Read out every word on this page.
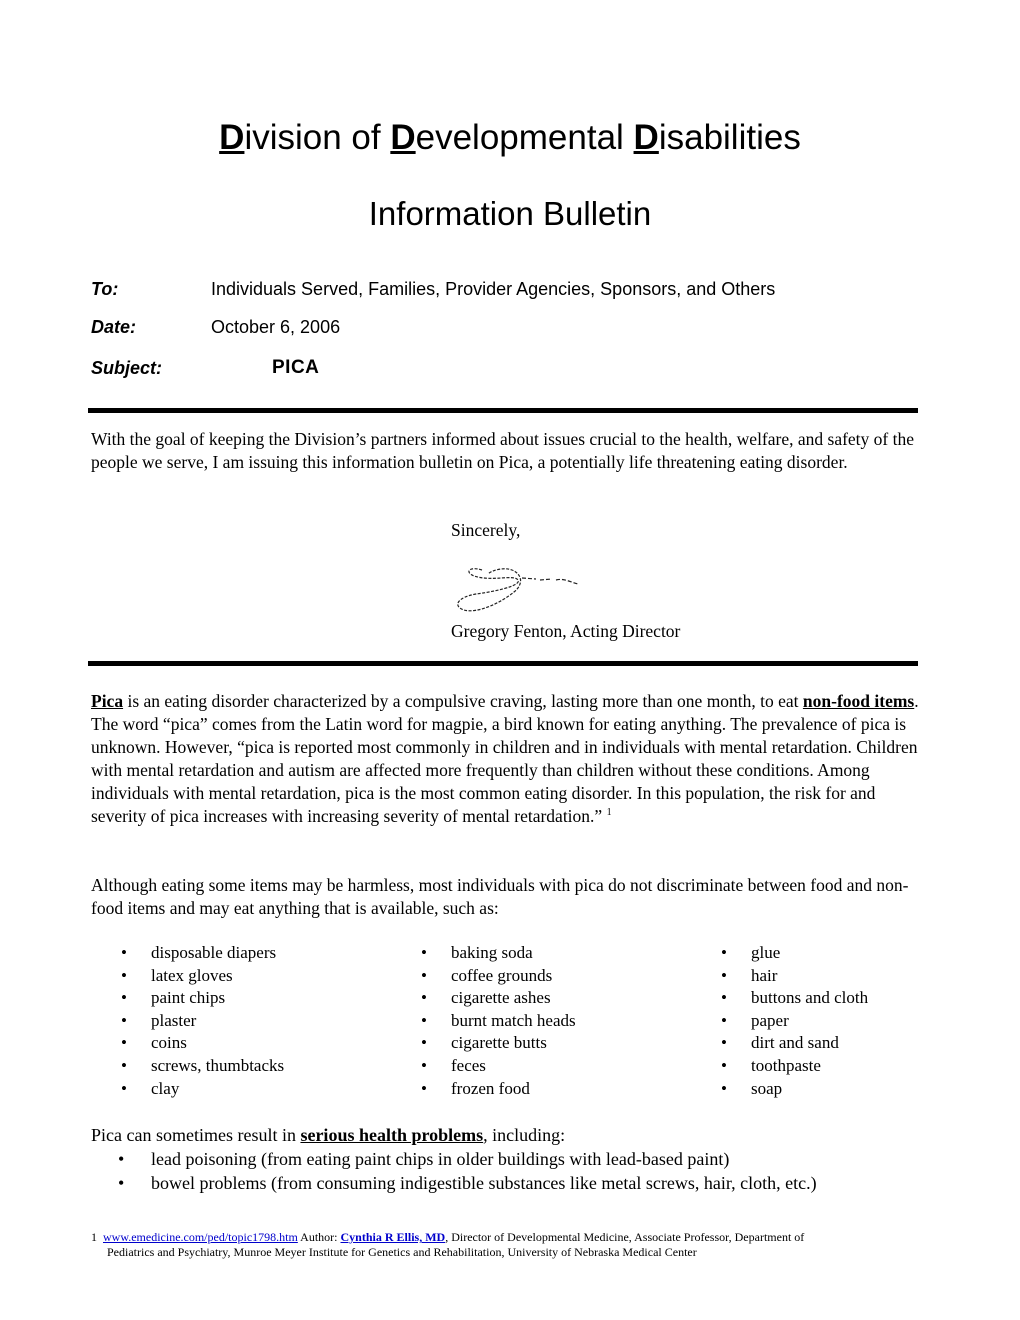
Division of Developmental Disabilities
Information Bulletin
To:	Individuals Served, Families, Provider Agencies, Sponsors, and Others
Date:	October 6, 2006
Subject:	PICA
With the goal of keeping the Division’s partners informed about issues crucial to the health, welfare, and safety of the people we serve, I am issuing this information bulletin on Pica, a potentially life threatening eating disorder.
Sincerely,
Gregory Fenton, Acting Director
Pica is an eating disorder characterized by a compulsive craving, lasting more than one month, to eat non-food items. The word “pica” comes from the Latin word for magpie, a bird known for eating anything. The prevalence of pica is unknown. However, “pica is reported most commonly in children and in individuals with mental retardation. Children with mental retardation and autism are affected more frequently than children without these conditions. Among individuals with mental retardation, pica is the most common eating disorder. In this population, the risk for and severity of pica increases with increasing severity of mental retardation.” $^1$
Although eating some items may be harmless, most individuals with pica do not discriminate between food and non-food items and may eat anything that is available, such as:
• disposable diapers
• latex gloves
• paint chips
• plaster
• coins
• screws, thumbtacks
• clay
• baking soda
• coffee grounds
• cigarette ashes
• burnt match heads
• cigarette butts
• feces
• frozen food
• glue
• hair
• buttons and cloth
• paper
• dirt and sand
• toothpaste
• soap
Pica can sometimes result in serious health problems, including:
• lead poisoning (from eating paint chips in older buildings with lead-based paint)
• bowel problems (from consuming indigestible substances like metal screws, hair, cloth, etc.)
1 www.emedicine.com/ped/topic1798.htm Author: Cynthia R Ellis, MD, Director of Developmental Medicine, Associate Professor, Department of
Pediatrics and Psychiatry, Munroe Meyer Institute for Genetics and Rehabilitation, University of Nebraska Medical Center
